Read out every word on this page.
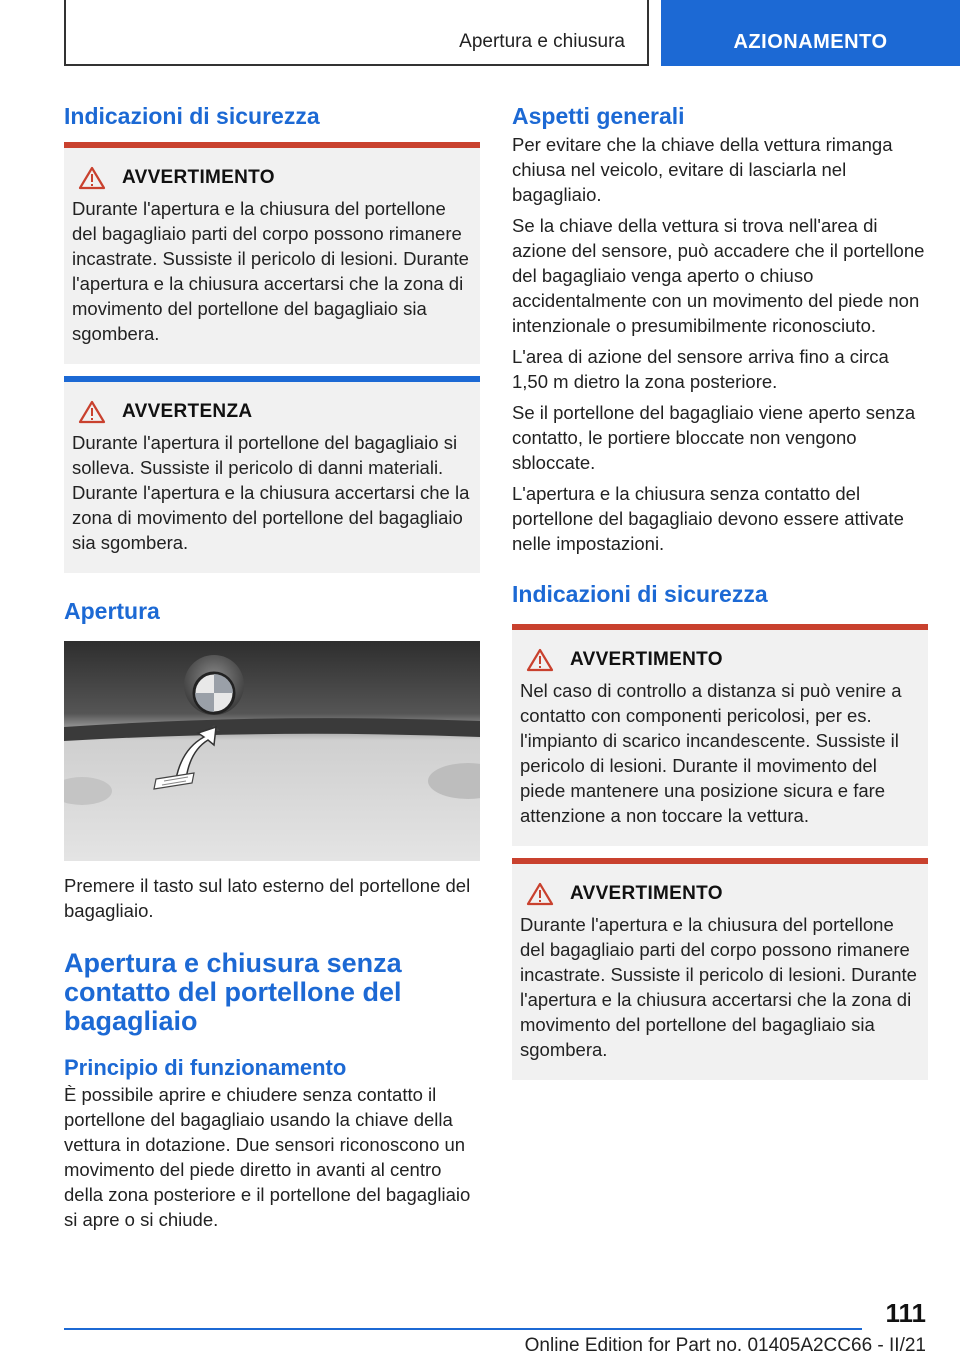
Apertura e chiusura	AZIONAMENTO
Indicazioni di sicurezza
AVVERTIMENTO

Durante l'apertura e la chiusura del portellone del bagagliaio parti del corpo possono rimanere incastrate. Sussiste il pericolo di lesioni. Durante l'apertura e la chiusura accertarsi che la zona di movimento del portellone del bagagliaio sia sgombera.

AVVERTENZA

Durante l'apertura il portellone del bagagliaio si solleva. Sussiste il pericolo di danni materiali. Durante l'apertura e la chiusura accertarsi che la zona di movimento del portellone del bagagliaio sia sgombera.

Apertura

Premere il tasto sul lato esterno del portellone del bagagliaio.

Apertura e chiusura senza contatto del portellone del bagagliaio
Principio di funzionamento

È possibile aprire e chiudere senza contatto il portellone del bagagliaio usando la chiave della vettura in dotazione. Due sensori riconoscono un movimento del piede diretto in avanti al centro della zona posteriore e il portellone del bagagliaio si apre o si chiude.

Aspetti generali

Per evitare che la chiave della vettura rimanga chiusa nel veicolo, evitare di lasciarla nel bagagliaio.

Se la chiave della vettura si trova nell'area di azione del sensore, può accadere che il portellone del bagagliaio venga aperto o chiuso accidentalmente con un movimento del piede non intenzionale o presumibilmente riconosciuto.

L'area di azione del sensore arriva fino a circa 1,50 m dietro la zona posteriore.

Se il portellone del bagagliaio viene aperto senza contatto, le portiere bloccate non vengono sbloccate.

L'apertura e la chiusura senza contatto del portellone del bagagliaio devono essere attivate nelle impostazioni.

Indicazioni di sicurezza
AVVERTIMENTO

Nel caso di controllo a distanza si può venire a contatto con componenti pericolosi, per es. l'impianto di scarico incandescente. Sussiste il pericolo di lesioni. Durante il movimento del piede mantenere una posizione sicura e fare attenzione a non toccare la vettura.

AVVERTIMENTO

Durante l'apertura e la chiusura del portellone del bagagliaio parti del corpo possono rimanere incastrate. Sussiste il pericolo di lesioni. Durante l'apertura e la chiusura accertarsi che la zona di movimento del portellone del bagagliaio sia sgombera.

111
Online Edition for Part no. 01405A2CC66 - II/21
